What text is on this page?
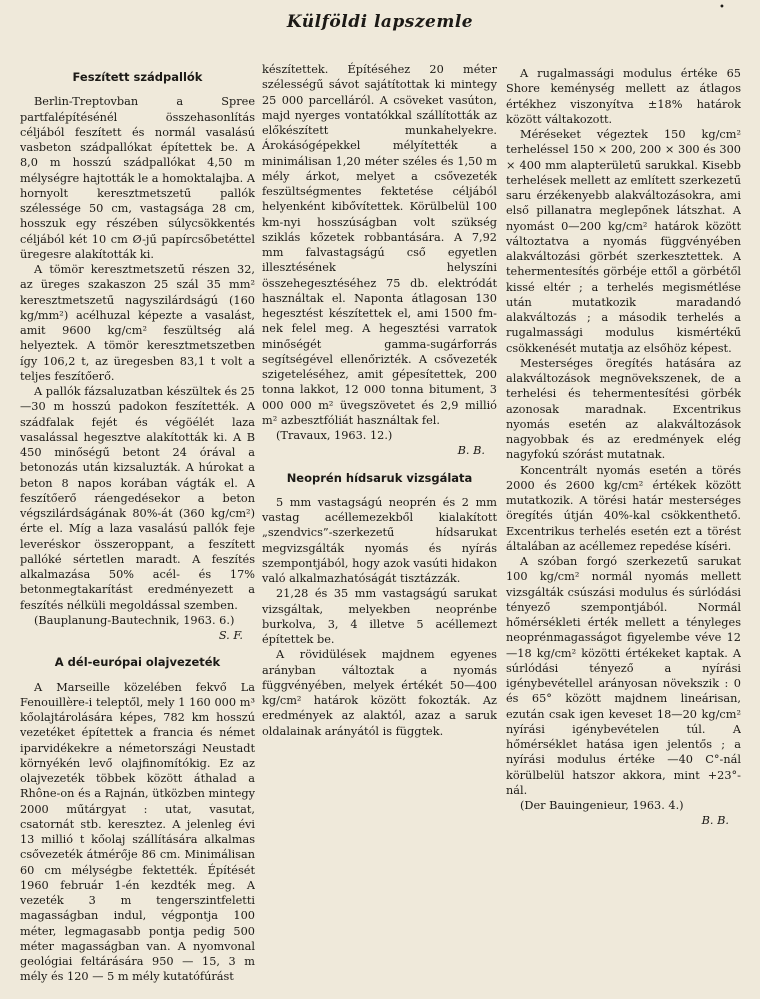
Külföldi lapszemle
•
Feszített szádpallók

Berlin-Treptovban a Spree partfalépítésénél összehasonlítás céljából feszített és normál vasalású vasbeton szádpallókat építettek be. A 8,0 m hosszú szádpallókat 4,50 m mélységre hajtották le a homoktalajba. A hornyolt keresztmetszetű pallók szélessége 50 cm, vastagsága 28 cm, hosszuk egy részében súlycsökkentés céljából két 10 cm Ø-jű papírcsőbetéttel üregesre alakították ki.

A tömör keresztmetszetű részen 32, az üreges szakaszon 25 szál 35 mm² keresztmetszetű nagyszilárdságú (160 kg/mm²) acélhuzal képezte a vasalást, amit 9600 kg/cm² feszültség alá helyeztek. A tömör keresztmetszetben így 106,2 t, az üregesben 83,1 t volt a teljes feszítőerő.

A pallók fázsaluzatban készültek és 25—30 m hosszú padokon feszítették. A szádfalak fejét és végöélét laza vasalással hegesztve alakították ki. A B 450 minőségű betont 24 órával a betonozás után kizsaluzták. A húrokat a beton 8 napos korában vágták el. A feszítőerő ráengedésekor a beton végszilárdságának 80%-át (360 kg/cm²) érte el. Míg a laza vasalású pallók feje leveréskor összeroppant, a feszített pallóké sértetlen maradt. A feszítés alkalmazása 50% acél- és 17% betonmegtakarítást eredményezett a feszítés nélküli megoldással szemben.

(Bauplanung-Bautechnik, 1963. 6.)

S. F.
A dél-európai olajvezeték

A Marseille közelében fekvő La Fenouillère-i teleptől, mely 1 160 000 m³ kőolajtárolására képes, 782 km hosszú vezetéket építettek a francia és német iparvidékekre a németországi Neustadt környékén levő olajfinomítókig. Ez az olajvezeték többek között áthalad a Rhône-on és a Rajnán, ütközben mintegy 2000 műtárgyat : utat, vasutat, csatornát stb. keresztez. A jelenleg évi 13 millió t kőolaj szállítására alkalmas csővezeték átmérője 86 cm. Minimálisan 60 cm mélységbe fektették. Építését 1960 február 1-én kezdték meg. A vezeték 3 m tengerszintfeletti magasságban indul, végpontja 100 méter, legmagasabb pontja pedig 500 méter magasságban van. A nyomvonal geológiai feltárására 950 — 15, 3 m mély és 120 — 5 m mély kutatófúrást

készítettek. Építéséhez 20 méter szélességű sávot sajátítottak ki mintegy 25 000 parcelláról. A csöveket vasúton, majd nyerges vontatókkal szállították az előkészített munkahelyekre. Árokásógépekkel mélyítették a minimálisan 1,20 méter széles és 1,50 m mély árkot, melyet a csővezeték feszültségmentes fektetése céljából helyenként kibővítettek. Körülbelül 100 km-nyi hosszúságban volt szükség sziklás kőzetek robbantására. A 7,92 mm falvastagságú cső egyetlen illesztésének helyszíni összehegesztéséhez 75 db. elektródát használtak el. Naponta átlagosan 130 hegesztést készítettek el, ami 1500 fm-nek felel meg. A hegesztési varratok minőségét gamma-sugárforrás segítségével ellenőrizték. A csővezeték szigeteléséhez, amit gépesítettek, 200 tonna lakkot, 12 000 tonna bitument, 3 000 000 m² üvegszövetet és 2,9 millió m² azbesztfóliát használtak fel.

(Travaux, 1963. 12.)

B. B.
Neoprén hídsaruk vizsgálata

5 mm vastagságú neoprén és 2 mm vastag acéllemezekből kialakított „szendvics”-szerkezetű hídsarukat megvizsgálták nyomás és nyírás szempontjából, hogy azok vasúti hidakon való alkalmazhatóságát tisztázzák.

21,28 és 35 mm vastagságú sarukat vizsgáltak, melyekben neoprénbe burkolva, 3, 4 illetve 5 acéllemezt építettek be.

A rövidülések majdnem egyenes arányban változtak a nyomás függvényében, melyek értékét 50—400 kg/cm² határok között fokozták. Az eredmények az alaktól, azaz a saruk oldalainak arányától is függtek.

A rugalmassági modulus értéke 65 Shore keménység mellett az átlagos értékhez viszonyítva ±18% határok között váltakozott.

Méréseket végeztek 150 kg/cm² terheléssel 150 × 200, 200 × 300 és 300 × 400 mm alapterületű sarukkal. Kisebb terhelések mellett az említett szerkezetű saru érzékenyebb alakváltozásokra, ami első pillanatra meglepőnek látszhat. A nyomást 0—200 kg/cm² határok között változtatva a nyomás függvényében alakváltozási görbét szerkesztettek. A tehermentesítés görbéje ettől a görbétől kissé eltér ; a terhelés megismétlése után mutatkozik maradandó alakváltozás ; a második terhelés a rugalmassági modulus kismértékű csökkenését mutatja az elsőhöz képest.

Mesterséges öregítés hatására az alakváltozások megnövekszenek, de a terhelési és tehermentesítési görbék azonosak maradnak. Excentrikus nyomás esetén az alakváltozások nagyobbak és az eredmények elég nagyfokú szórást mutatnak.

Koncentrált nyomás esetén a törés 2000 és 2600 kg/cm² értékek között mutatkozik. A törési határ mesterséges öregítés útján 40%-kal csökkenthető. Excentrikus terhelés esetén ezt a törést általában az acéllemez repedése kíséri.

A szóban forgó szerkezetű sarukat 100 kg/cm² normál nyomás mellett vizsgálták csúszási modulus és súrlódási tényező szempontjából. Normál hőmérsékleti érték mellett a tényleges neoprénmagasságot figyelembe véve 12—18 kg/cm² közötti értékeket kaptak. A súrlódási tényező a nyírási igénybevétellel arányosan növekszik : 0 és 65° között majdnem lineárisan, ezután csak igen keveset 18—20 kg/cm² nyírási igénybevételen túl. A hőmérséklet hatása igen jelentős ; a nyírási modulus értéke —40 C°-nál körülbelül hatszor akkora, mint +23°-nál.

(Der Bauingenieur, 1963. 4.)

B. B.
